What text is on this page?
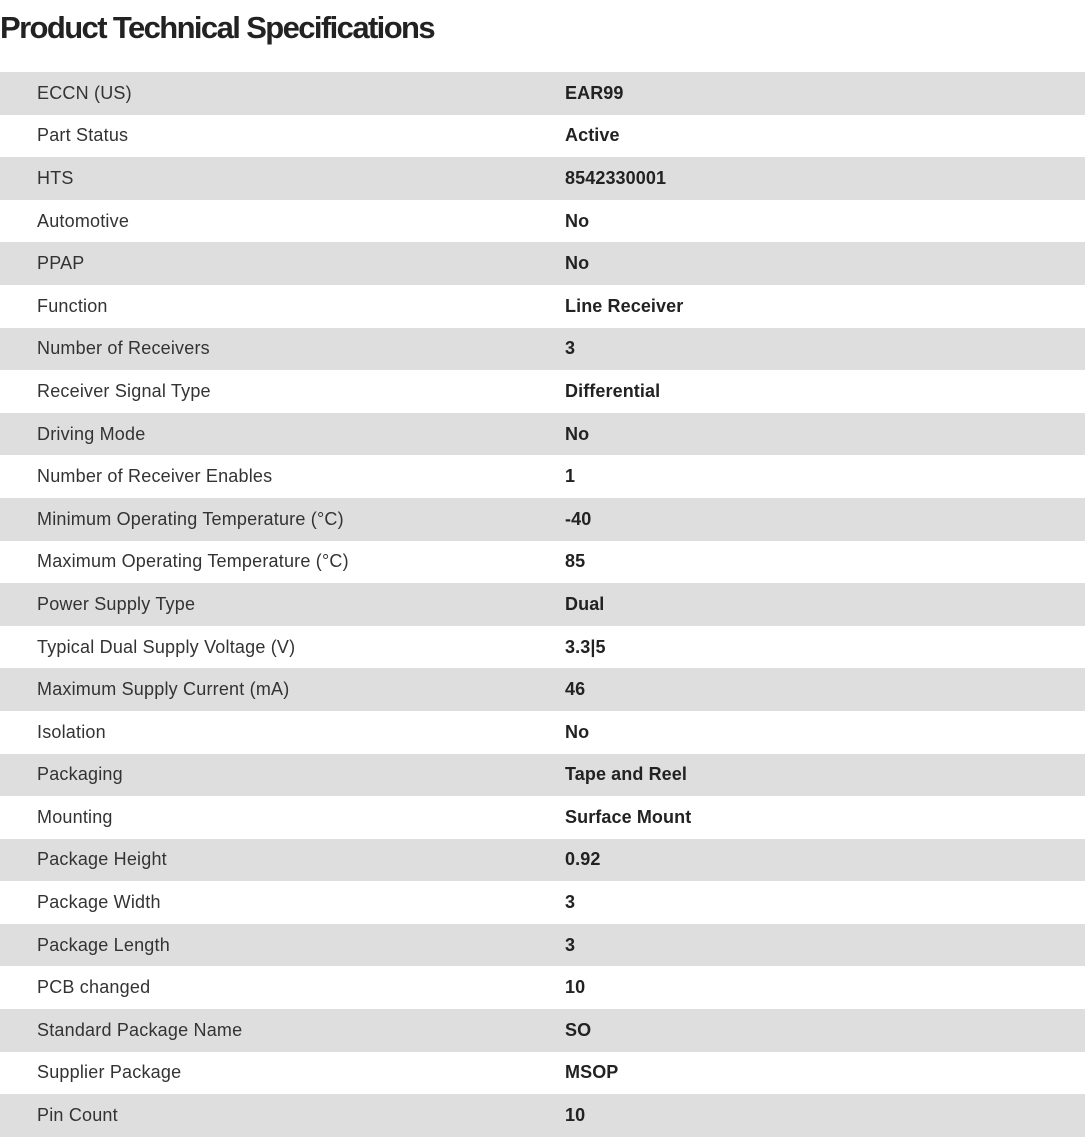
Product Technical Specifications
ECCN (US)	EAR99
Part Status	Active
HTS	8542330001
Automotive	No
PPAP	No
Function	Line Receiver
Number of Receivers	3
Receiver Signal Type	Differential
Driving Mode	No
Number of Receiver Enables	1
Minimum Operating Temperature (°C)	-40
Maximum Operating Temperature (°C)	85
Power Supply Type	Dual
Typical Dual Supply Voltage (V)	3.3|5
Maximum Supply Current (mA)	46
Isolation	No
Packaging	Tape and Reel
Mounting	Surface Mount
Package Height	0.92
Package Width	3
Package Length	3
PCB changed	10
Standard Package Name	SO
Supplier Package	MSOP
Pin Count	10
